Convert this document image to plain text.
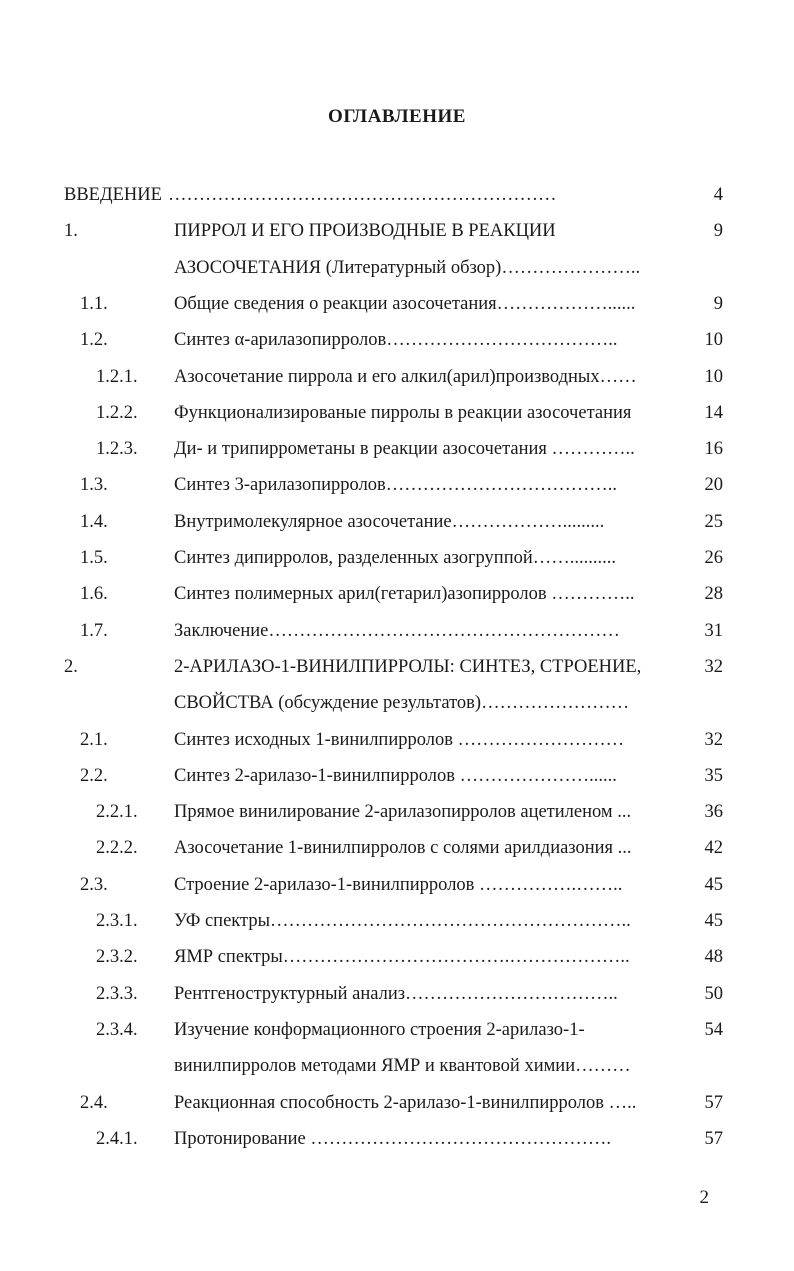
ОГЛАВЛЕНИЕ
ВВЕДЕНИЕ ………………………………………………………	4
1.	ПИРРОЛ И ЕГО ПРОИЗВОДНЫЕ В РЕАКЦИИ	9
АЗОСОЧЕТАНИЯ (Литературный обзор)…………………..
1.1.	Общие сведения о реакции азосочетания………………......	9
1.2.	Синтез α-арилазопирролов………………………………..	10
1.2.1. Азосочетание пиррола и его алкил(арил)производных……	10
1.2.2. Функционализированые пирролы в реакции азосочетания	14
1.2.3. Ди- и трипиррометаны в реакции азосочетания …………..	16
1.3.	Синтез 3-арилазопирролов………………………………..	20
1.4.	Внутримолекулярное азосочетание……………….........	25
1.5.	Синтез дипирролов, разделенных азогруппой……..........	26
1.6.	Синтез полимерных арил(гетарил)азопирролов …………..	28
1.7.	Заключение…………………………………………………	31
2.	2-АРИЛАЗО-1-ВИНИЛПИРРОЛЫ: СИНТЕЗ, СТРОЕНИЕ,	32
СВОЙСТВА (обсуждение результатов)……………………
2.1.	Синтез исходных 1-винилпирролов ………………………	32
2.2.	Синтез 2-арилазо-1-винилпирролов …………………......	35
2.2.1. Прямое винилирование 2-арилазопирролов ацетиленом ...	36
2.2.2. Азосочетание 1-винилпирролов с солями арилдиазония ...	42
2.3.	Строение 2-арилазо-1-винилпирролов …………….……..	45
2.3.1. УФ спектры…………………………………………………..	45
2.3.2. ЯМР спектры……………………………….………………..	48
2.3.3. Рентгеноструктурный анализ……………………………..	50
2.3.4. Изучение конформационного строения 2-арилазо-1-	54
винилпирролов методами ЯМР и квантовой химии………
2.4.	Реакционная способность 2-арилазо-1-винилпирролов …..	57
2.4.1. Протонирование ………………………………………….	57
2
